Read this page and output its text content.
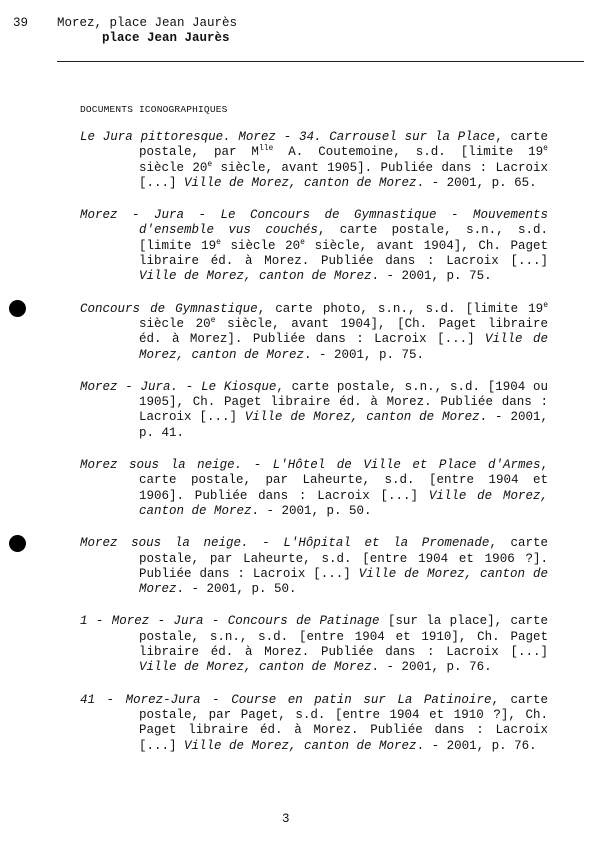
39 Morez, place Jean Jaurès
place Jean Jaurès
DOCUMENTS ICONOGRAPHIQUES

Le Jura pittoresque. Morez - 34. Carrousel sur la Place, carte postale, par $M^{lle}$ A. Coutemoine, s.d. [limite 19e siècle 20e siècle, avant 1905]. Publiée dans : Lacroix [...] Ville de Morez, canton de Morez. - 2001, p. 65.

Morez - Jura - Le Concours de Gymnastique - Mouvements d'ensemble vus couchés, carte postale, s.n., s.d. [limite 19e siècle 20e siècle, avant 1904], Ch. Paget libraire éd. à Morez. Publiée dans : Lacroix [...] Ville de Morez, canton de Morez. - 2001, p. 75.

Concours de Gymnastique, carte photo, s.n., s.d. [limite 19e siècle 20e siècle, avant 1904], [Ch. Paget libraire éd. à Morez]. Publiée dans : Lacroix [...] Ville de Morez, canton de Morez. - 2001, p. 75.

Morez - Jura. - Le Kiosque, carte postale, s.n., s.d. [1904 ou 1905], Ch. Paget libraire éd. à Morez. Publiée dans : Lacroix [...] Ville de Morez, canton de Morez. - 2001, p. 41.

Morez sous la neige. - L'Hôtel de Ville et Place d'Armes, carte postale, par Laheurte, s.d. [entre 1904 et 1906]. Publiée dans : Lacroix [...] Ville de Morez, canton de Morez. - 2001, p. 50.

Morez sous la neige. - L'Hôpital et la Promenade, carte postale, par Laheurte, s.d. [entre 1904 et 1906 ?]. Publiée dans : Lacroix [...] Ville de Morez, canton de Morez. - 2001, p. 50.

1 - Morez - Jura - Concours de Patinage [sur la place], carte postale, s.n., s.d. [entre 1904 et 1910], Ch. Paget libraire éd. à Morez. Publiée dans : Lacroix [...] Ville de Morez, canton de Morez. - 2001, p. 76.

41 - Morez-Jura - Course en patin sur La Patinoire, carte postale, par Paget, s.d. [entre 1904 et 1910 ?], Ch. Paget libraire éd. à Morez. Publiée dans : Lacroix [...] Ville de Morez, canton de Morez. - 2001, p. 76.

3
